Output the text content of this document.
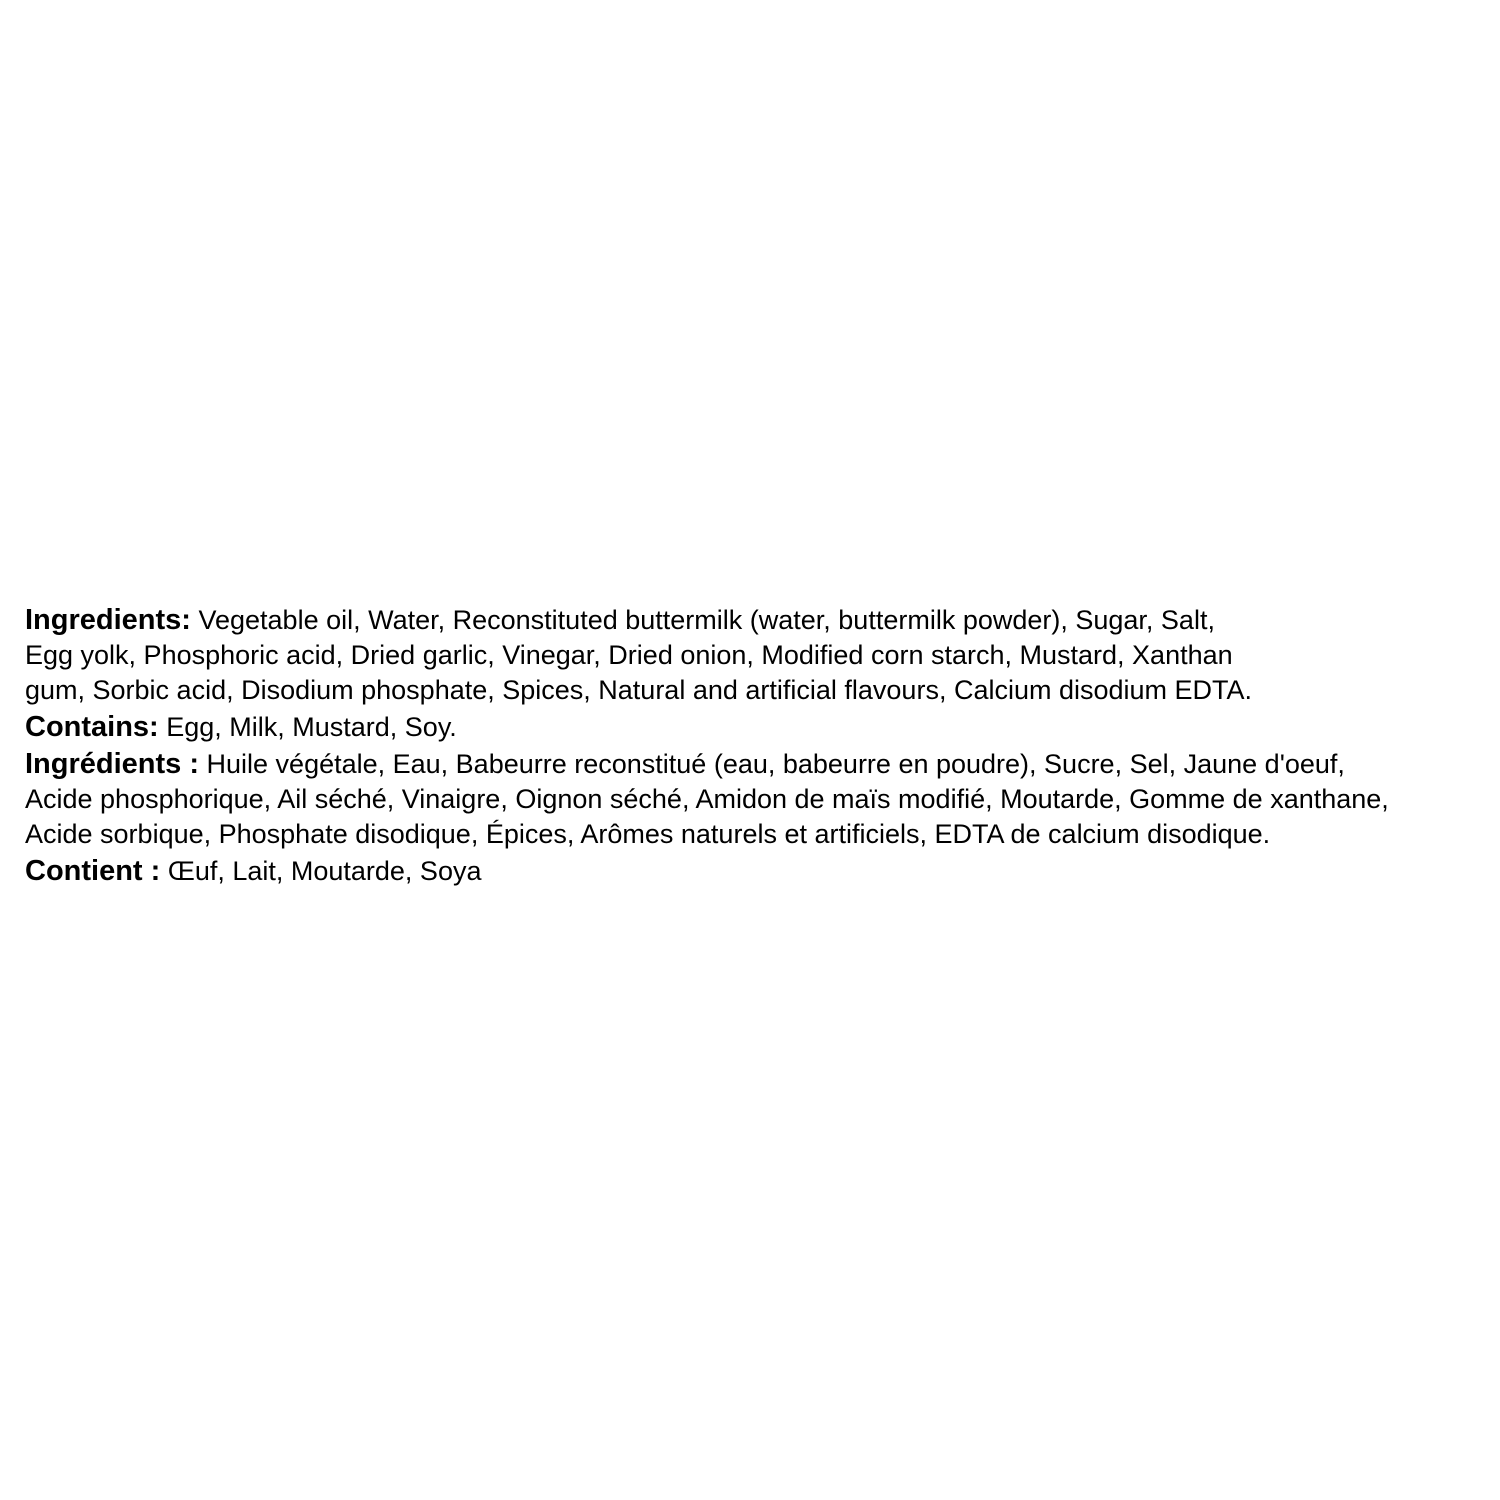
Ingredients: Vegetable oil, Water, Reconstituted buttermilk (water, buttermilk powder), Sugar, Salt,
Egg yolk, Phosphoric acid, Dried garlic, Vinegar, Dried onion, Modified corn starch, Mustard, Xanthan
gum, Sorbic acid, Disodium phosphate, Spices, Natural and artificial flavours, Calcium disodium EDTA.
Contains: Egg, Milk, Mustard, Soy.
Ingrédients : Huile végétale, Eau, Babeurre reconstitué (eau, babeurre en poudre), Sucre, Sel, Jaune d'oeuf,
Acide phosphorique, Ail séché, Vinaigre, Oignon séché, Amidon de maïs modifié, Moutarde, Gomme de xanthane,
Acide sorbique, Phosphate disodique, Épices, Arômes naturels et artificiels, EDTA de calcium disodique.
Contient : Œuf, Lait, Moutarde, Soya
